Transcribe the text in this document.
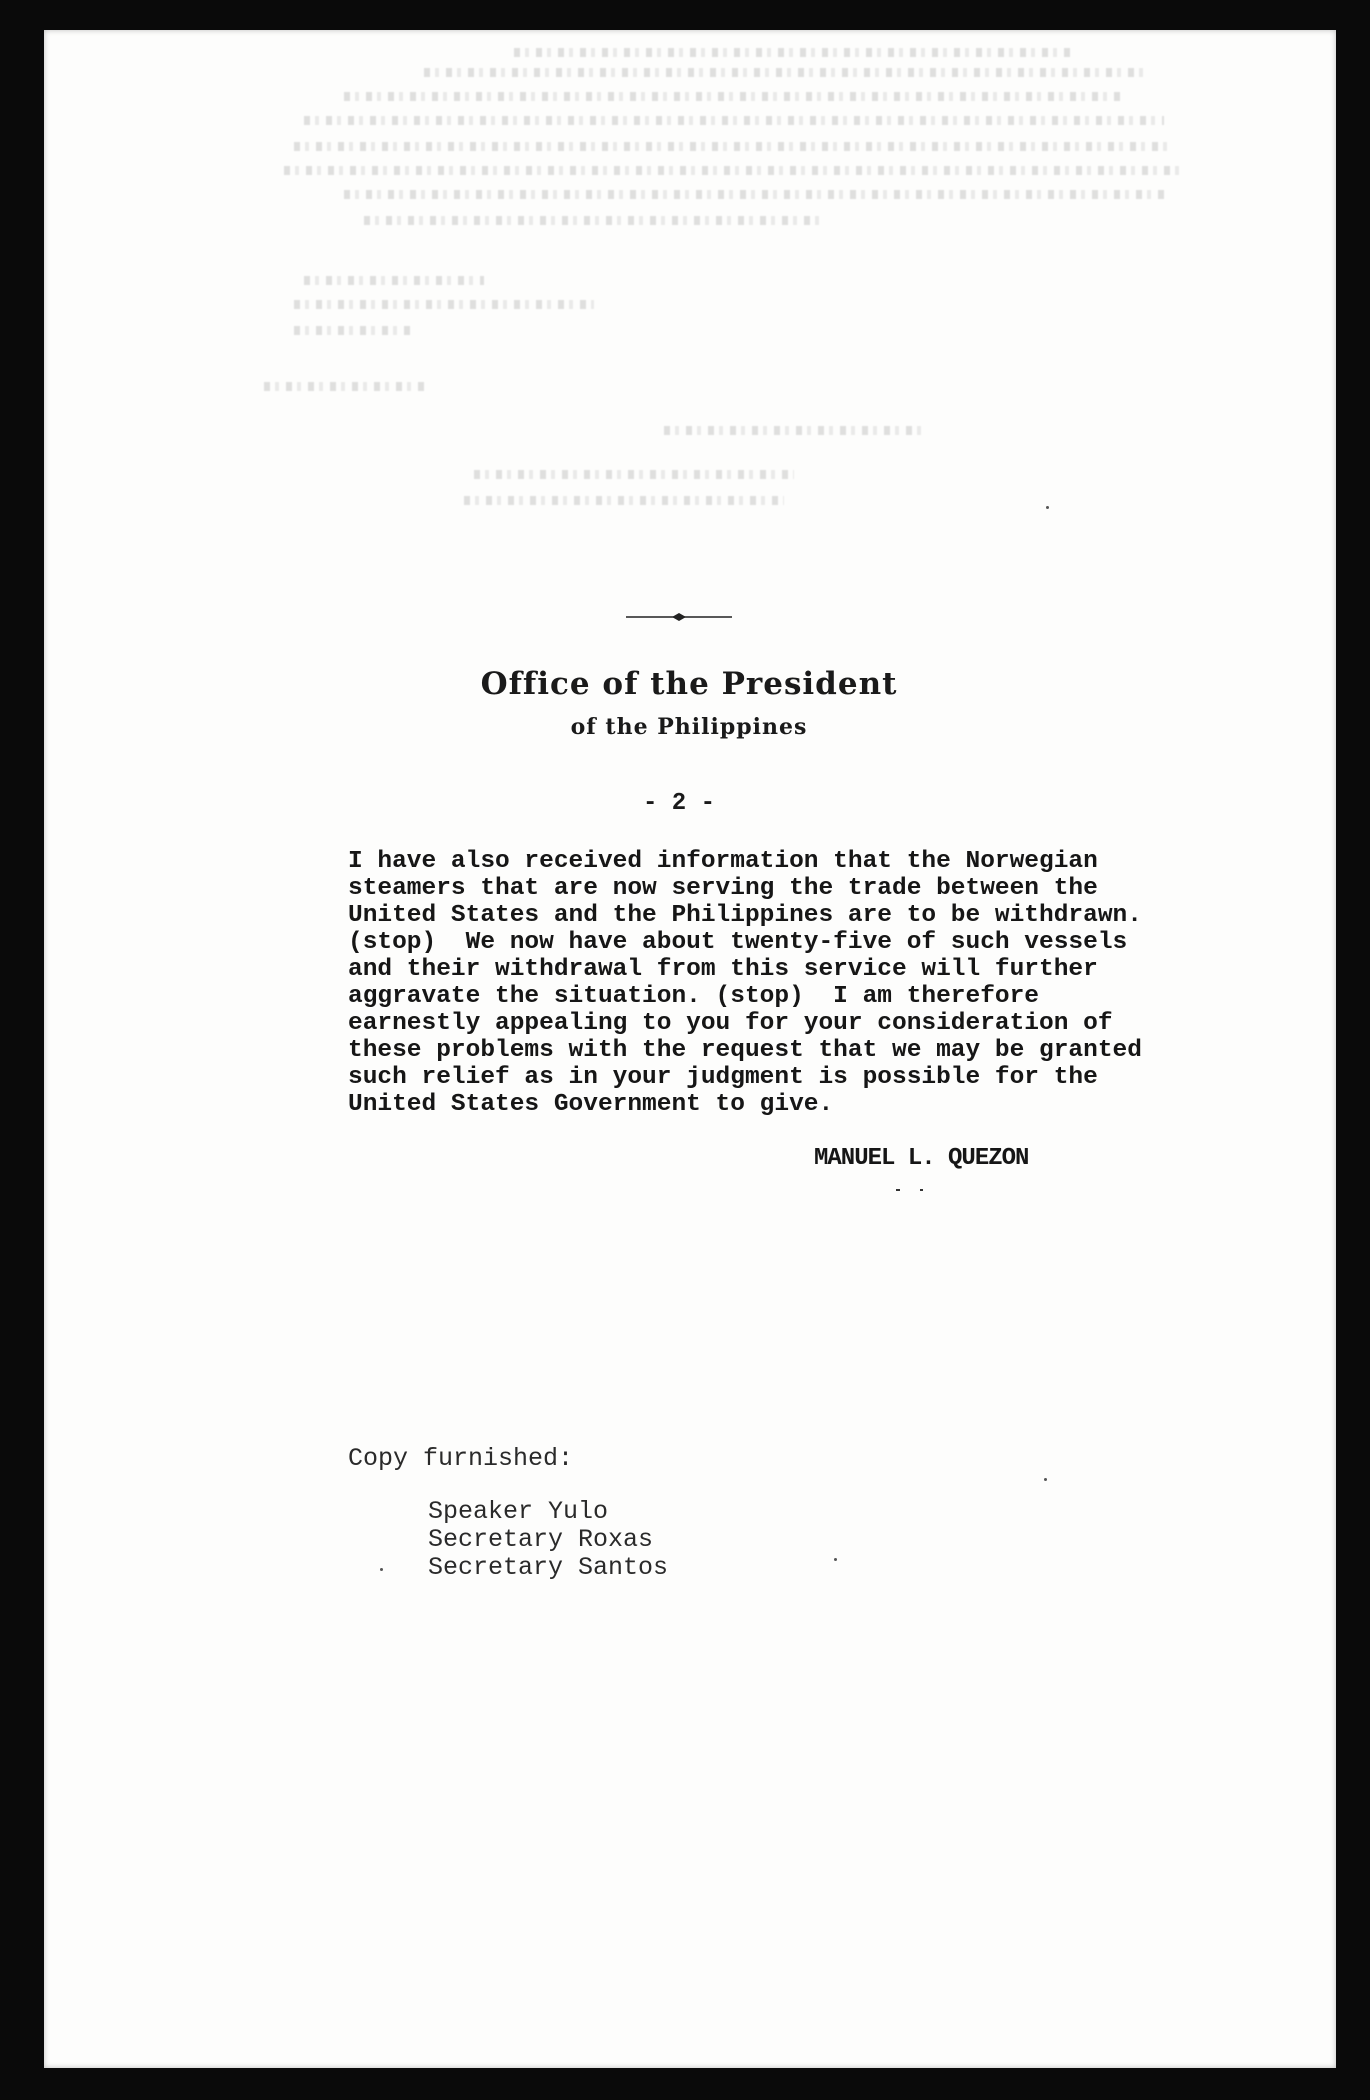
Office of the President
of the Philippines
- 2 -
I have also received information that the Norwegian
steamers that are now serving the trade between the
United States and the Philippines are to be withdrawn.
(stop)  We now have about twenty-five of such vessels
and their withdrawal from this service will further
aggravate the situation. (stop)  I am therefore
earnestly appealing to you for your consideration of
these problems with the request that we may be granted
such relief as in your judgment is possible for the
United States Government to give.
MANUEL L. QUEZON
Copy furnished:
Speaker Yulo
Secretary Roxas
Secretary Santos
